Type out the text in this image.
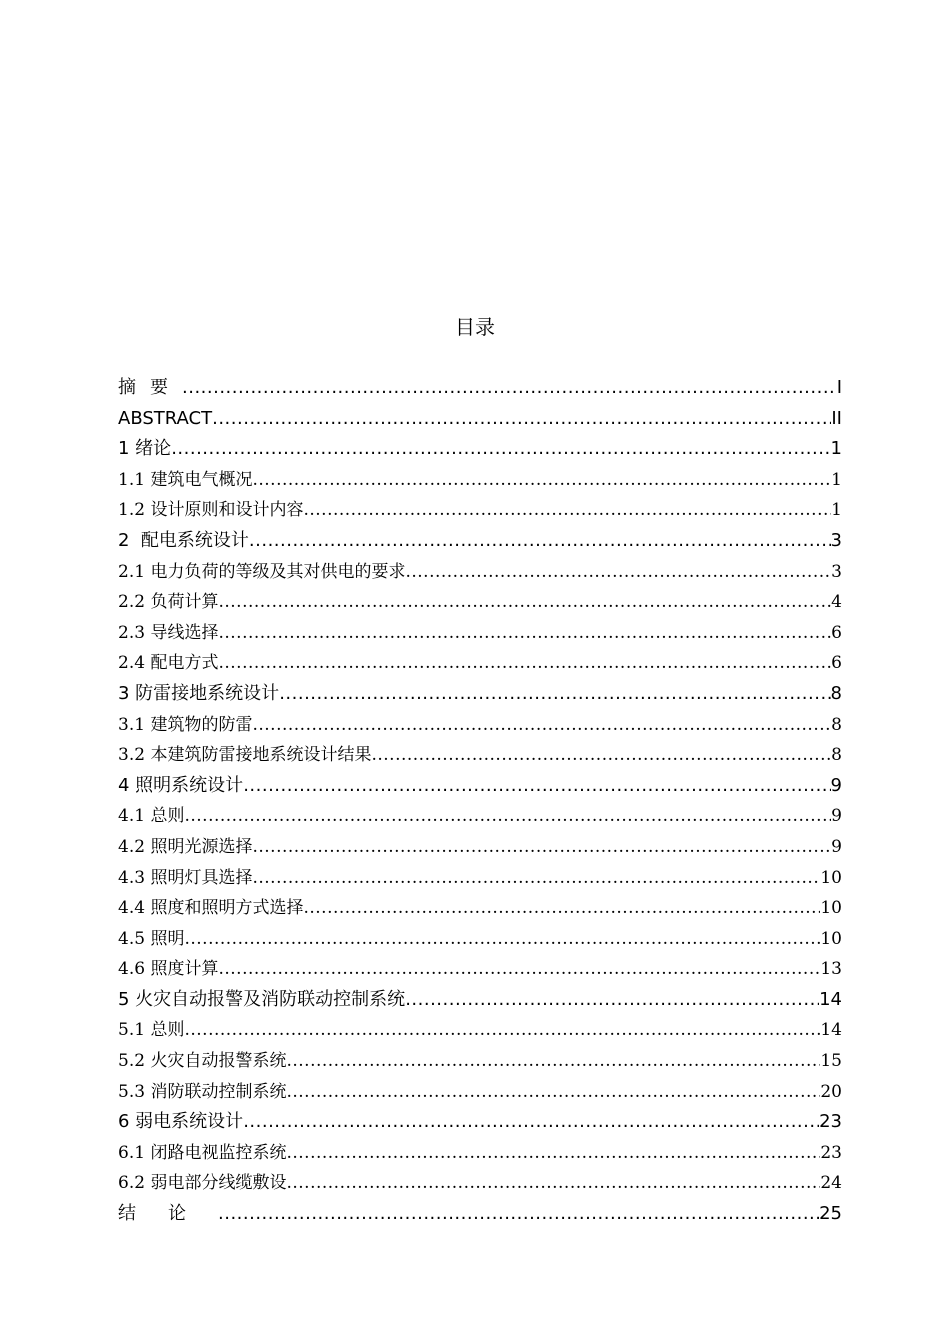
目录
摘要 .....	I
ABSTRACT .....	II
1 绪论 .....	1
1.1 建筑电气概况 .....	1
1.2 设计原则和设计内容 .....	1
2  配电系统设计 .....	3
2.1 电力负荷的等级及其对供电的要求 .....	3
2.2 负荷计算 .....	4
2.3 导线选择 .....	6
2.4 配电方式 .....	6
3 防雷接地系统设计 .....	8
3.1 建筑物的防雷 .....	8
3.2 本建筑防雷接地系统设计结果 .....	8
4 照明系统设计 .....	9
4.1 总则 .....	9
4.2 照明光源选择 .....	9
4.3 照明灯具选择 .....	10
4.4 照度和照明方式选择 .....	10
4.5 照明 .....	10
4.6 照度计算 .....	13
5 火灾自动报警及消防联动控制系统 .....	14
5.1 总则 .....	14
5.2 火灾自动报警系统 .....	15
5.3 消防联动控制系统 .....	20
6 弱电系统设计 .....	23
6.1 闭路电视监控系统 .....	23
6.2 弱电部分线缆敷设 .....	24
结论 .....	25
